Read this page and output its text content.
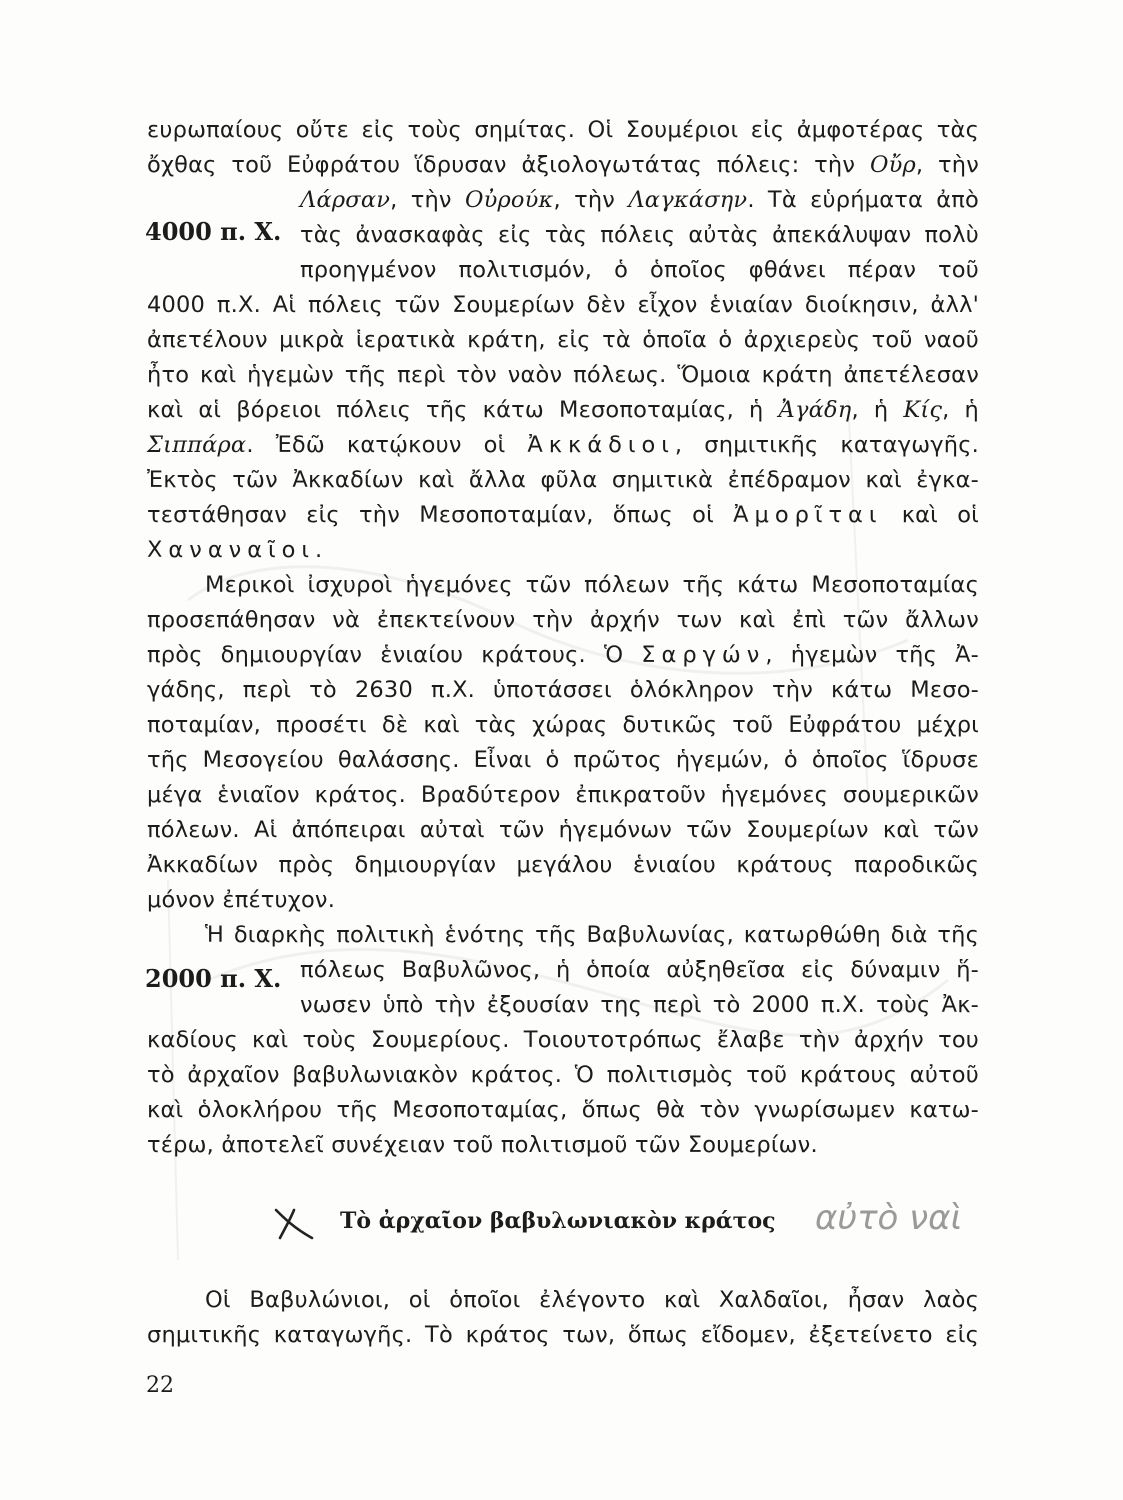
4000 π. Χ.
2000 π. Χ.
ευρωπαίους οὔτε εἰς τοὺς σημίτας. Οἱ Σουμέριοι εἰς ἀμφοτέρας τὰς
ὄχθας τοῦ Εὐφράτου ἵδρυσαν ἀξιολογωτάτας πόλεις: τὴν Οὔρ, τὴν
Λάρσαν, τὴν Οὐρούκ, τὴν Λαγκάσην. Τὰ εὑρήματα ἀπὸ
τὰς ἀνασκαφὰς εἰς τὰς πόλεις αὐτὰς ἀπεκάλυψαν πολὺ
προηγμένον πολιτισμόν, ὁ ὁποῖος φθάνει πέραν τοῦ
4000 π.Χ. Αἱ πόλεις τῶν Σουμερίων δὲν εἶχον ἑνιαίαν διοίκησιν, ἀλλ'
ἀπετέλουν μικρὰ ἱερατικὰ κράτη, εἰς τὰ ὁποῖα ὁ ἀρχιερεὺς τοῦ ναοῦ
ἦτο καὶ ἡγεμὼν τῆς περὶ τὸν ναὸν πόλεως. Ὅμοια κράτη ἀπετέλεσαν
καὶ αἱ βόρειοι πόλεις τῆς κάτω Μεσοποταμίας, ἡ Ἀγάδη, ἡ Κίς, ἡ
Σιππάρα. Ἐδῶ κατῴκουν οἱ Ἀκκάδιοι, σημιτικῆς καταγωγῆς.
Ἐκτὸς τῶν Ἀκκαδίων καὶ ἄλλα φῦλα σημιτικὰ ἐπέδραμον καὶ ἐγκα-
τεστάθησαν εἰς τὴν Μεσοποταμίαν, ὅπως οἱ Ἀμορῖται καὶ οἱ
Χαναναῖοι.
Μερικοὶ ἰσχυροὶ ἡγεμόνες τῶν πόλεων τῆς κάτω Μεσοποταμίας
προσεπάθησαν νὰ ἐπεκτείνουν τὴν ἀρχήν των καὶ ἐπὶ τῶν ἄλλων
πρὸς δημιουργίαν ἑνιαίου κράτους. Ὁ Σαργών, ἡγεμὼν τῆς Ἀ-
γάδης, περὶ τὸ 2630 π.Χ. ὑποτάσσει ὁλόκληρον τὴν κάτω Μεσο-
ποταμίαν, προσέτι δὲ καὶ τὰς χώρας δυτικῶς τοῦ Εὐφράτου μέχρι
τῆς Μεσογείου θαλάσσης. Εἶναι ὁ πρῶτος ἡγεμών, ὁ ὁποῖος ἵδρυσε
μέγα ἑνιαῖον κράτος. Βραδύτερον ἐπικρατοῦν ἡγεμόνες σουμερικῶν
πόλεων. Αἱ ἀπόπειραι αὐταὶ τῶν ἡγεμόνων τῶν Σουμερίων καὶ τῶν
Ἀκκαδίων πρὸς δημιουργίαν μεγάλου ἑνιαίου κράτους παροδικῶς
μόνον ἐπέτυχον.
Ἡ διαρκὴς πολιτικὴ ἑνότης τῆς Βαβυλωνίας, κατωρθώθη διὰ τῆς
πόλεως Βαβυλῶνος, ἡ ὁποία αὐξηθεῖσα εἰς δύναμιν ἥ-
νωσεν ὑπὸ τὴν ἐξουσίαν της περὶ τὸ 2000 π.Χ. τοὺς Ἀκ-
καδίους καὶ τοὺς Σουμερίους. Τοιουτοτρόπως ἔλαβε τὴν ἀρχήν του
τὸ ἀρχαῖον βαβυλωνιακὸν κράτος. Ὁ πολιτισμὸς τοῦ κράτους αὐτοῦ
καὶ ὁλοκλήρου τῆς Μεσοποταμίας, ὅπως θὰ τὸν γνωρίσωμεν κατω-
τέρω, ἀποτελεῖ συνέχειαν τοῦ πολιτισμοῦ τῶν Σουμερίων.
Τὸ ἀρχαῖον βαβυλωνιακὸν κράτος αὐτὸ ναὶ
Οἱ Βαβυλώνιοι, οἱ ὁποῖοι ἐλέγοντο καὶ Χαλδαῖοι, ἦσαν λαὸς
σημιτικῆς καταγωγῆς. Τὸ κράτος των, ὅπως εἴδομεν, ἐξετείνετο εἰς
22
